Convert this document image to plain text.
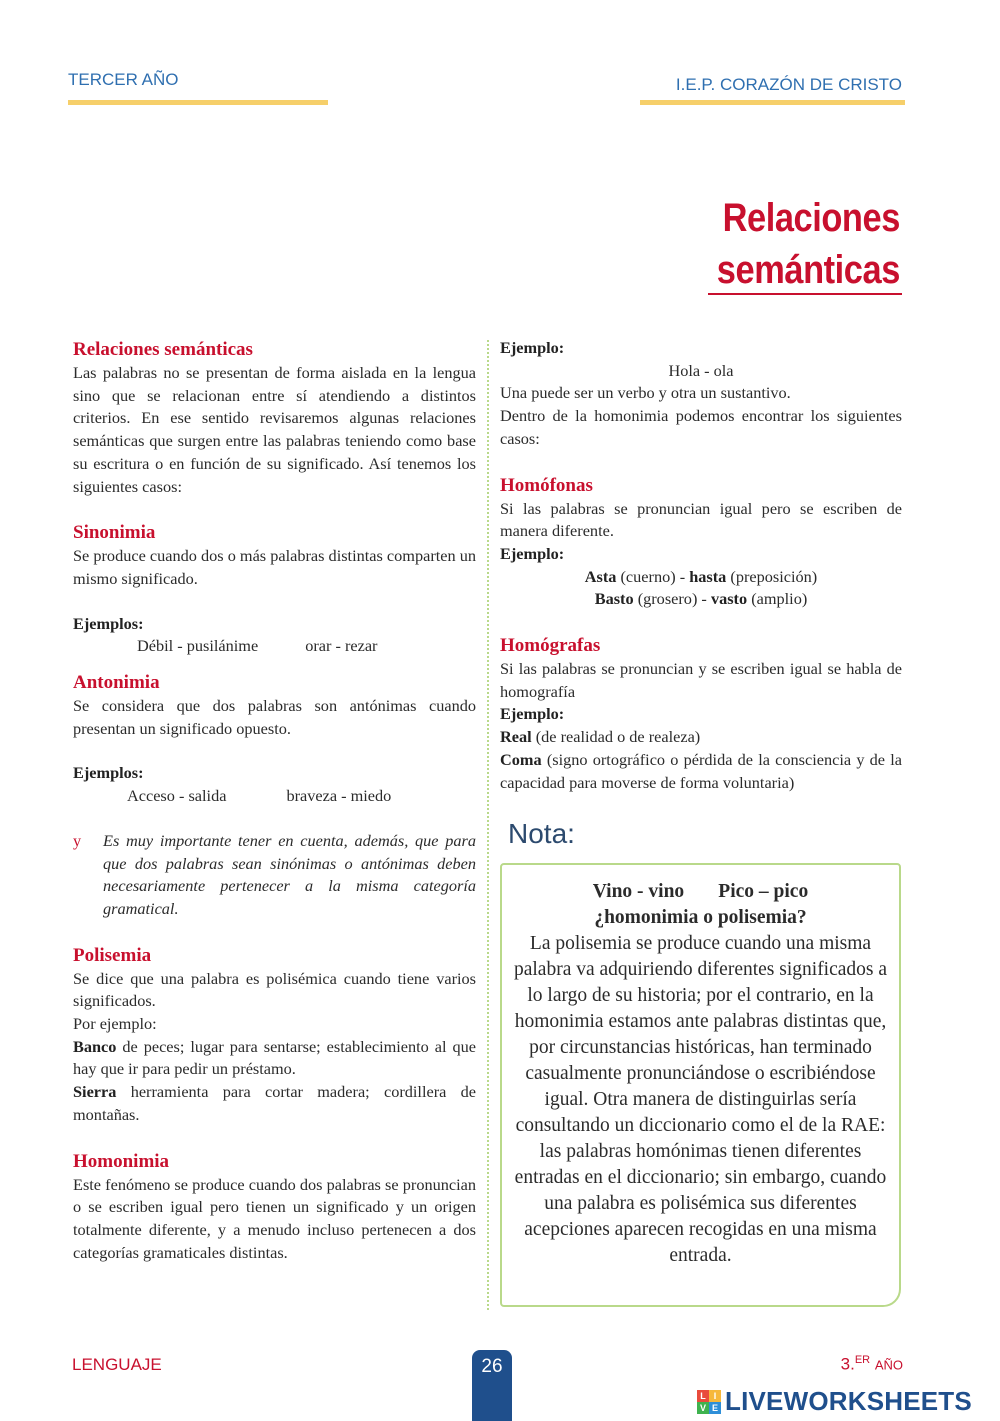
TERCER AÑO	I.E.P. CORAZÓN DE CRISTO
Relaciones
semánticas
Relaciones semánticas

Las palabras no se presentan de forma aislada en la lengua sino que se relacionan entre sí atendiendo a distintos criterios. En ese sentido revisaremos algunas relaciones semánticas que surgen entre las palabras teniendo como base su escritura o en función de su significado. Así tenemos los siguientes casos:

Sinonimia

Se produce cuando dos o más palabras distintas comparten un mismo significado.

Ejemplos:
Débil - pusilánime	orar - rezar
Antonimia

Se considera que dos palabras son antónimas cuando presentan un significado opuesto.

Ejemplos:
Acceso - salida	braveza - miedo
y	Es muy importante tener en cuenta, además, que para que dos palabras sean sinónimas o antónimas deben necesariamente pertenecer a la misma categoría gramatical.

Polisemia

Se dice que una palabra es polisémica cuando tiene varios significados.

Por ejemplo:

Banco de peces; lugar para sentarse; establecimiento al que hay que ir para pedir un préstamo.

Sierra herramienta para cortar madera; cordillera de montañas.

Homonimia

Este fenómeno se produce cuando dos palabras se pronuncian o se escriben igual pero tienen un significado y un origen totalmente diferente, y a menudo incluso pertenecen a dos categorías gramaticales distintas.

Ejemplo:
Hola - ola

Una puede ser un verbo y otra un sustantivo.

Dentro de la homonimia podemos encontrar los siguientes casos:

Homófonas

Si las palabras se pronuncian igual pero se escriben de manera diferente.

Ejemplo:
Asta (cuerno) - hasta (preposición)
Basto (grosero) - vasto (amplio)
Homógrafas

Si las palabras se pronuncian y se escriben igual se habla de homografía

Ejemplo:

Real (de realidad o de realeza)

Coma (signo ortográfico o pérdida de la consciencia y de la capacidad para moverse de forma voluntaria)

Nota:
Vino - vino       Pico – pico
¿homonimia o polisemia?
La polisemia se produce cuando una misma palabra va adquiriendo diferentes significados a lo largo de su historia; por el contrario, en la homonimia estamos ante palabras distintas que, por circunstancias históricas, han terminado casualmente pronunciándose o escribiéndose igual. Otra manera de distinguirlas sería consultando un diccionario como el de la RAE: las palabras homónimas tienen diferentes entradas en el diccionario; sin embargo, cuando una palabra es polisémica sus diferentes acepciones aparecen recogidas en una misma entrada.
LENGUAJE	26	3.$^{ER}$ AÑO
L I
V E LIVEWORKSHEETS
